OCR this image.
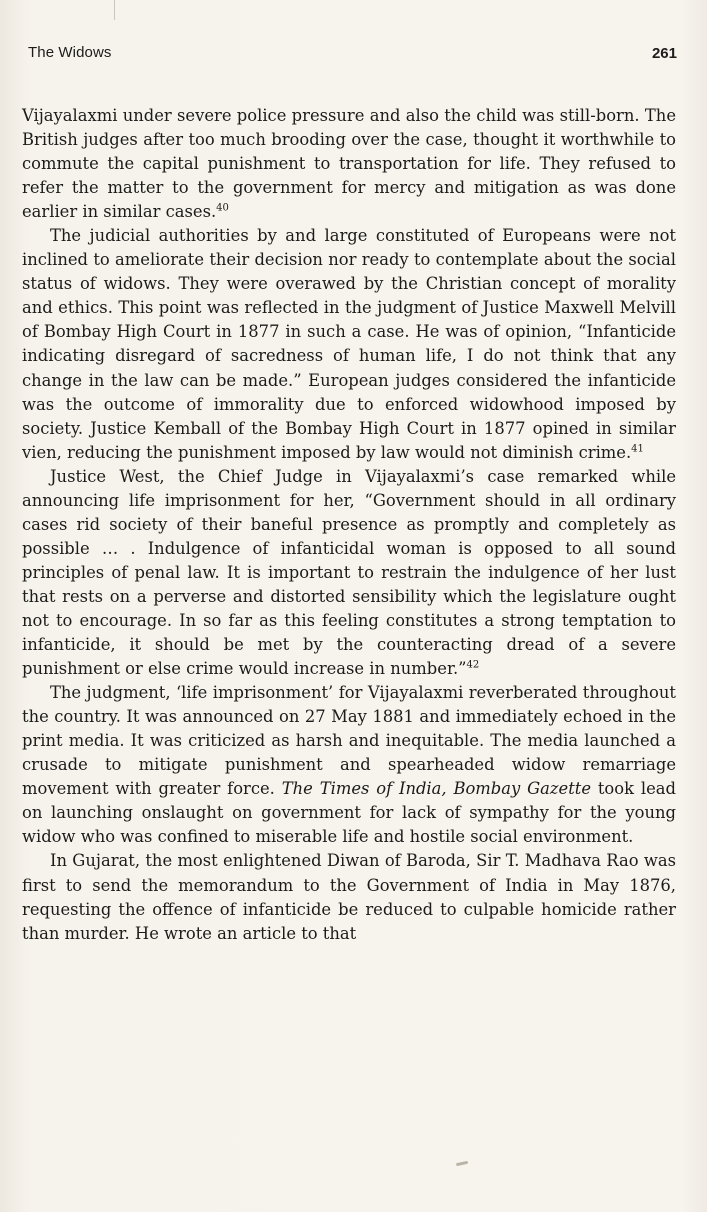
The Widows	261

Vijayalaxmi under severe police pressure and also the child was still-born. The British judges after too much brooding over the case, thought it worthwhile to commute the capital punishment to transportation for life. They refused to refer the matter to the government for mercy and mitigation as was done earlier in similar cases.$^{40}$

The judicial authorities by and large constituted of Europeans were not inclined to ameliorate their decision nor ready to contemplate about the social status of widows. They were overawed by the Christian concept of morality and ethics. This point was reflected in the judgment of Justice Maxwell Melvill of Bombay High Court in 1877 in such a case. He was of opinion, “Infanticide indicating disregard of sacredness of human life, I do not think that any change in the law can be made.” European judges considered the infanticide was the outcome of immorality due to enforced widowhood imposed by society. Justice Kemball of the Bombay High Court in 1877 opined in similar vien, reducing the punishment imposed by law would not diminish crime.$^{41}$

Justice West, the Chief Judge in Vijayalaxmi’s case remarked while announcing life imprisonment for her, “Government should in all ordinary cases rid society of their baneful presence as promptly and completely as possible … . Indulgence of infanticidal woman is opposed to all sound principles of penal law. It is important to restrain the indulgence of her lust that rests on a perverse and distorted sensibility which the legislature ought not to encourage. In so far as this feeling constitutes a strong temptation to infanticide, it should be met by the counteracting dread of a severe punishment or else crime would increase in number.”$^{42}$

The judgment, ‘life imprisonment’ for Vijayalaxmi reverberated throughout the country. It was announced on 27 May 1881 and immediately echoed in the print media. It was criticized as harsh and inequitable. The media launched a crusade to mitigate punishment and spearheaded widow remarriage movement with greater force. The Times of India, Bombay Gazette took lead on launching onslaught on government for lack of sympathy for the young widow who was confined to miserable life and hostile social environment.

In Gujarat, the most enlightened Diwan of Baroda, Sir T. Madhava Rao was first to send the memorandum to the Government of India in May 1876, requesting the offence of infanticide be reduced to culpable homicide rather than murder. He wrote an article to that
